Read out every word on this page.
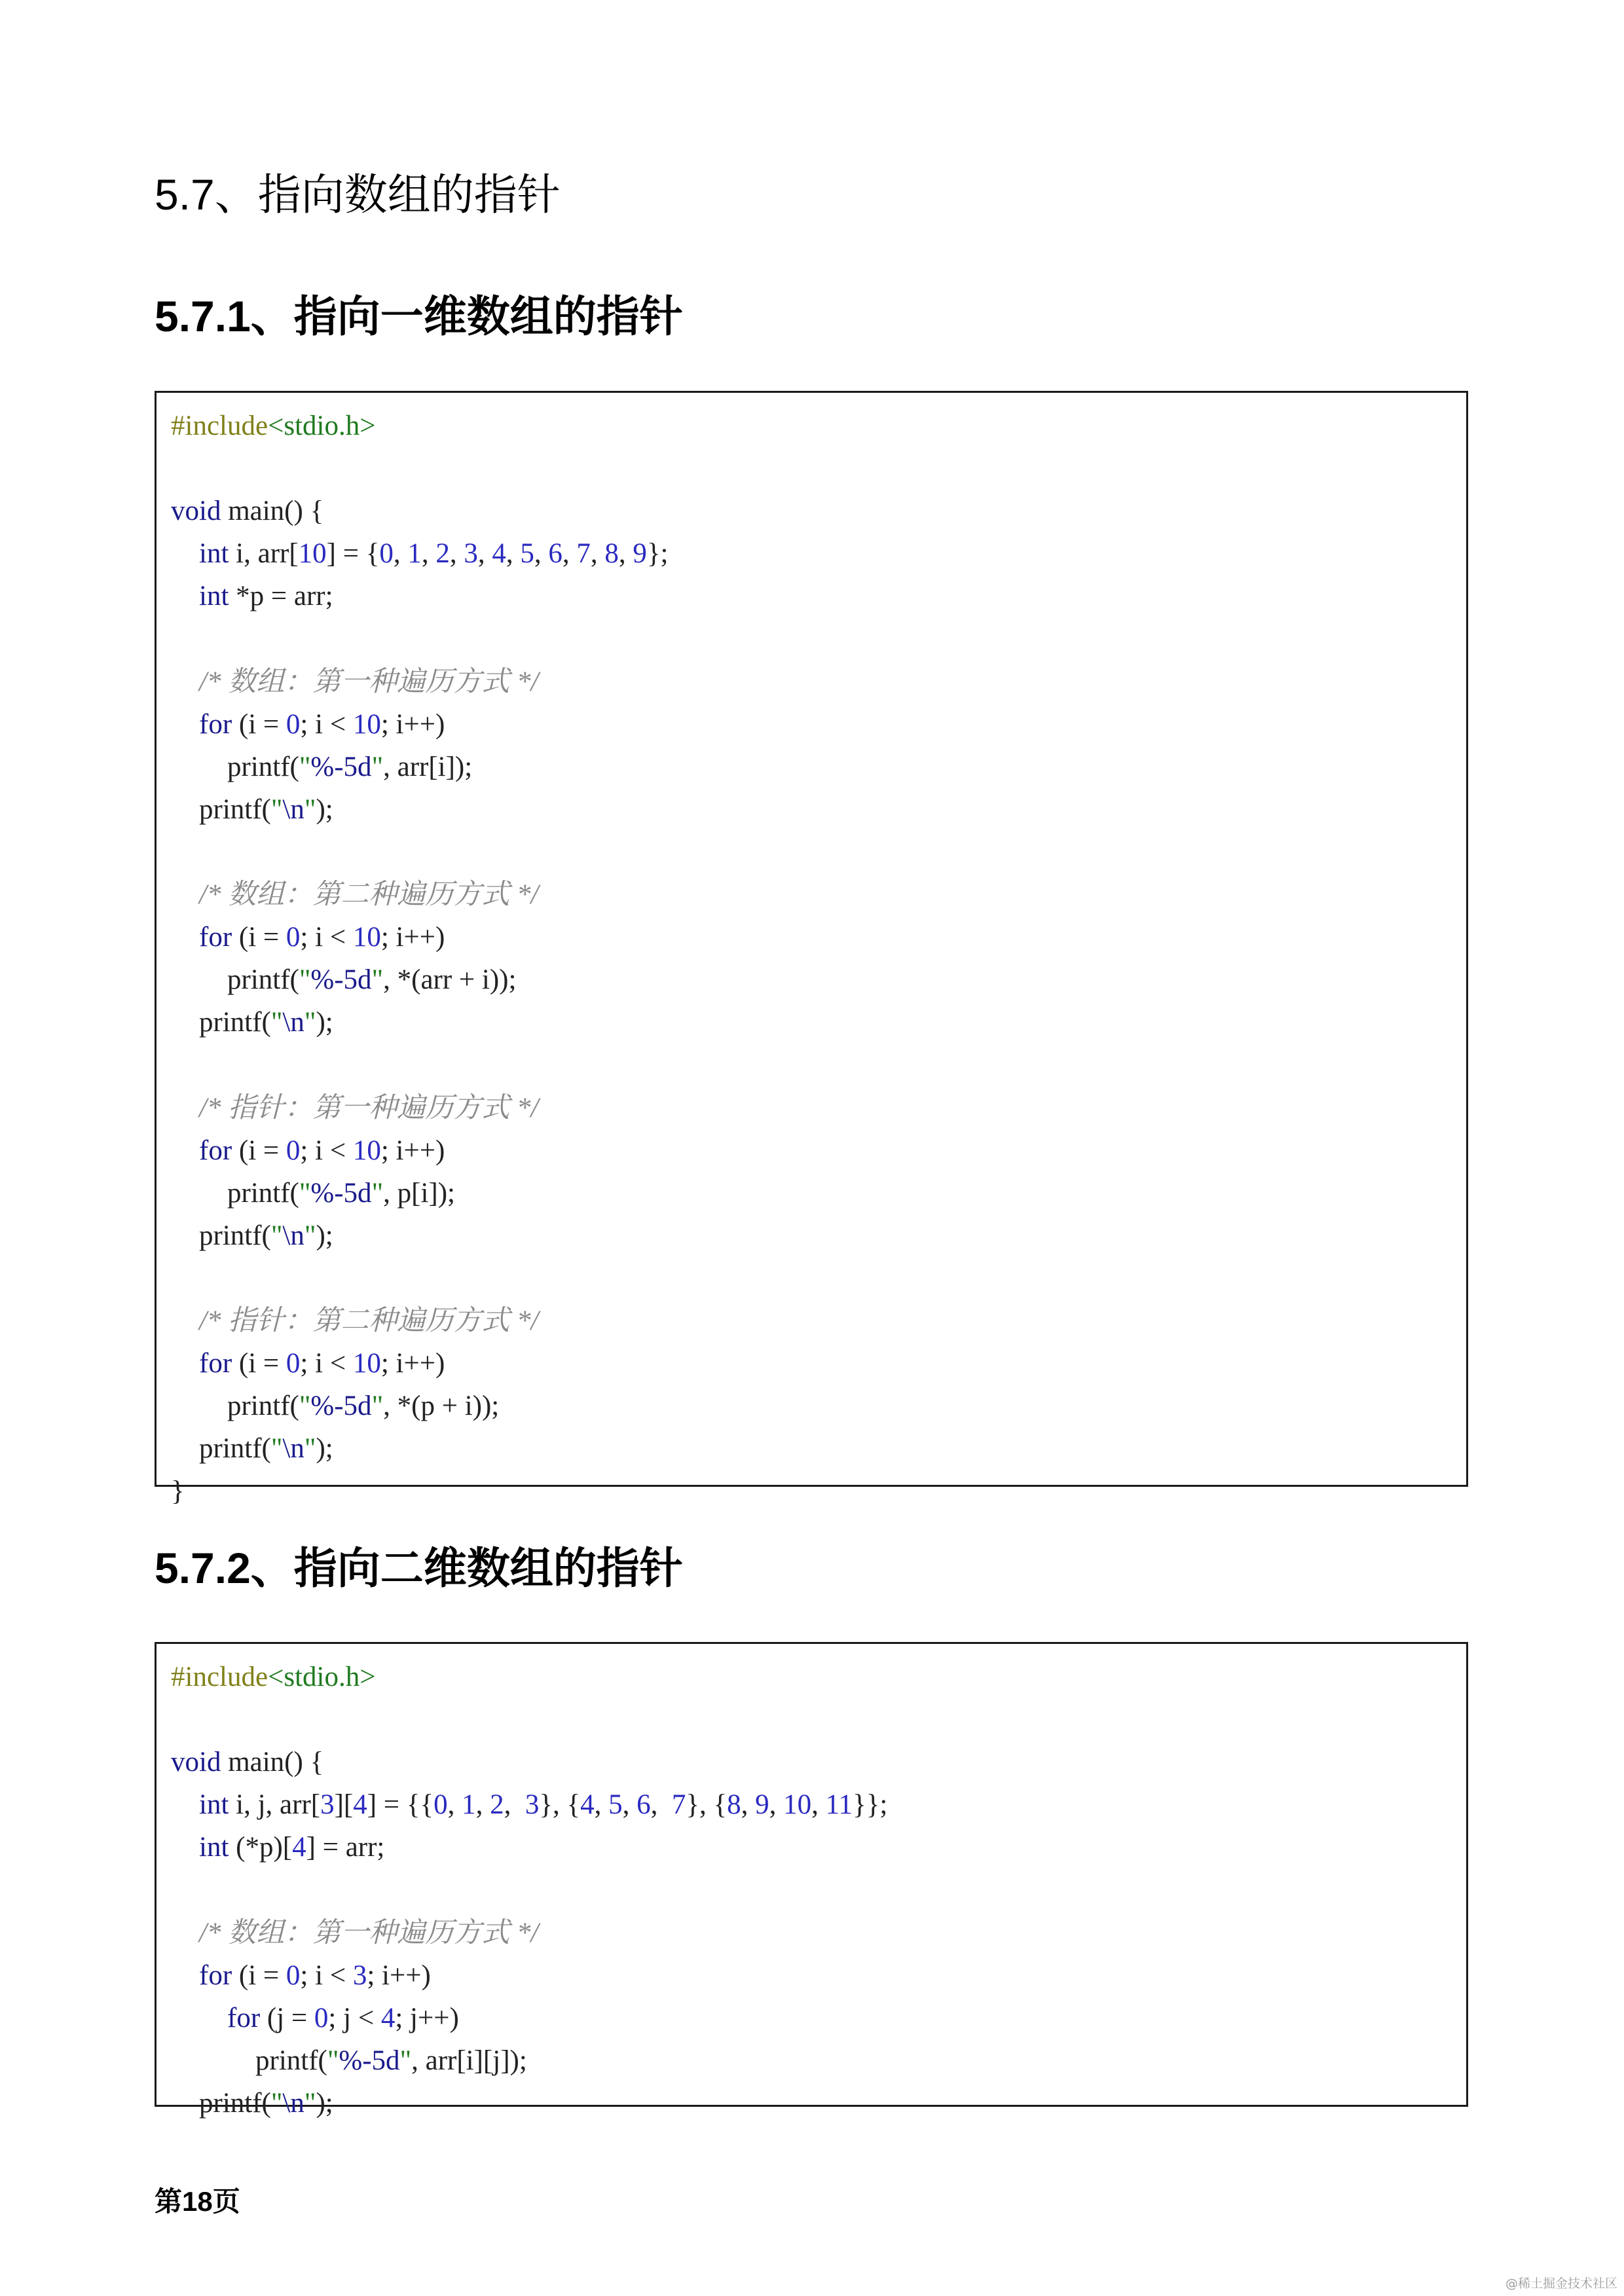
5.7、指向数组的指针
5.7.1、指向一维数组的指针
#include<stdio.h>
void main() {
int i, arr[10] = {0, 1, 2, 3, 4, 5, 6, 7, 8, 9};
int *p = arr;
/* 数组：第一种遍历方式 */
for (i = 0; i < 10; i++)
printf("%-5d", arr[i]);
printf("\n");
/* 数组：第二种遍历方式 */
for (i = 0; i < 10; i++)
printf("%-5d", *(arr + i));
printf("\n");
/* 指针：第一种遍历方式 */
for (i = 0; i < 10; i++)
printf("%-5d", p[i]);
printf("\n");
/* 指针：第二种遍历方式 */
for (i = 0; i < 10; i++)
printf("%-5d", *(p + i));
printf("\n");
}
5.7.2、指向二维数组的指针
#include<stdio.h>
void main() {
int i, j, arr[3][4] = {{0, 1, 2,  3}, {4, 5, 6,  7}, {8, 9, 10, 11}};
int (*p)[4] = arr;
/* 数组：第一种遍历方式 */
for (i = 0; i < 3; i++)
for (j = 0; j < 4; j++)
printf("%-5d", arr[i][j]);
printf("\n");
第18页
@稀土掘金技术社区
